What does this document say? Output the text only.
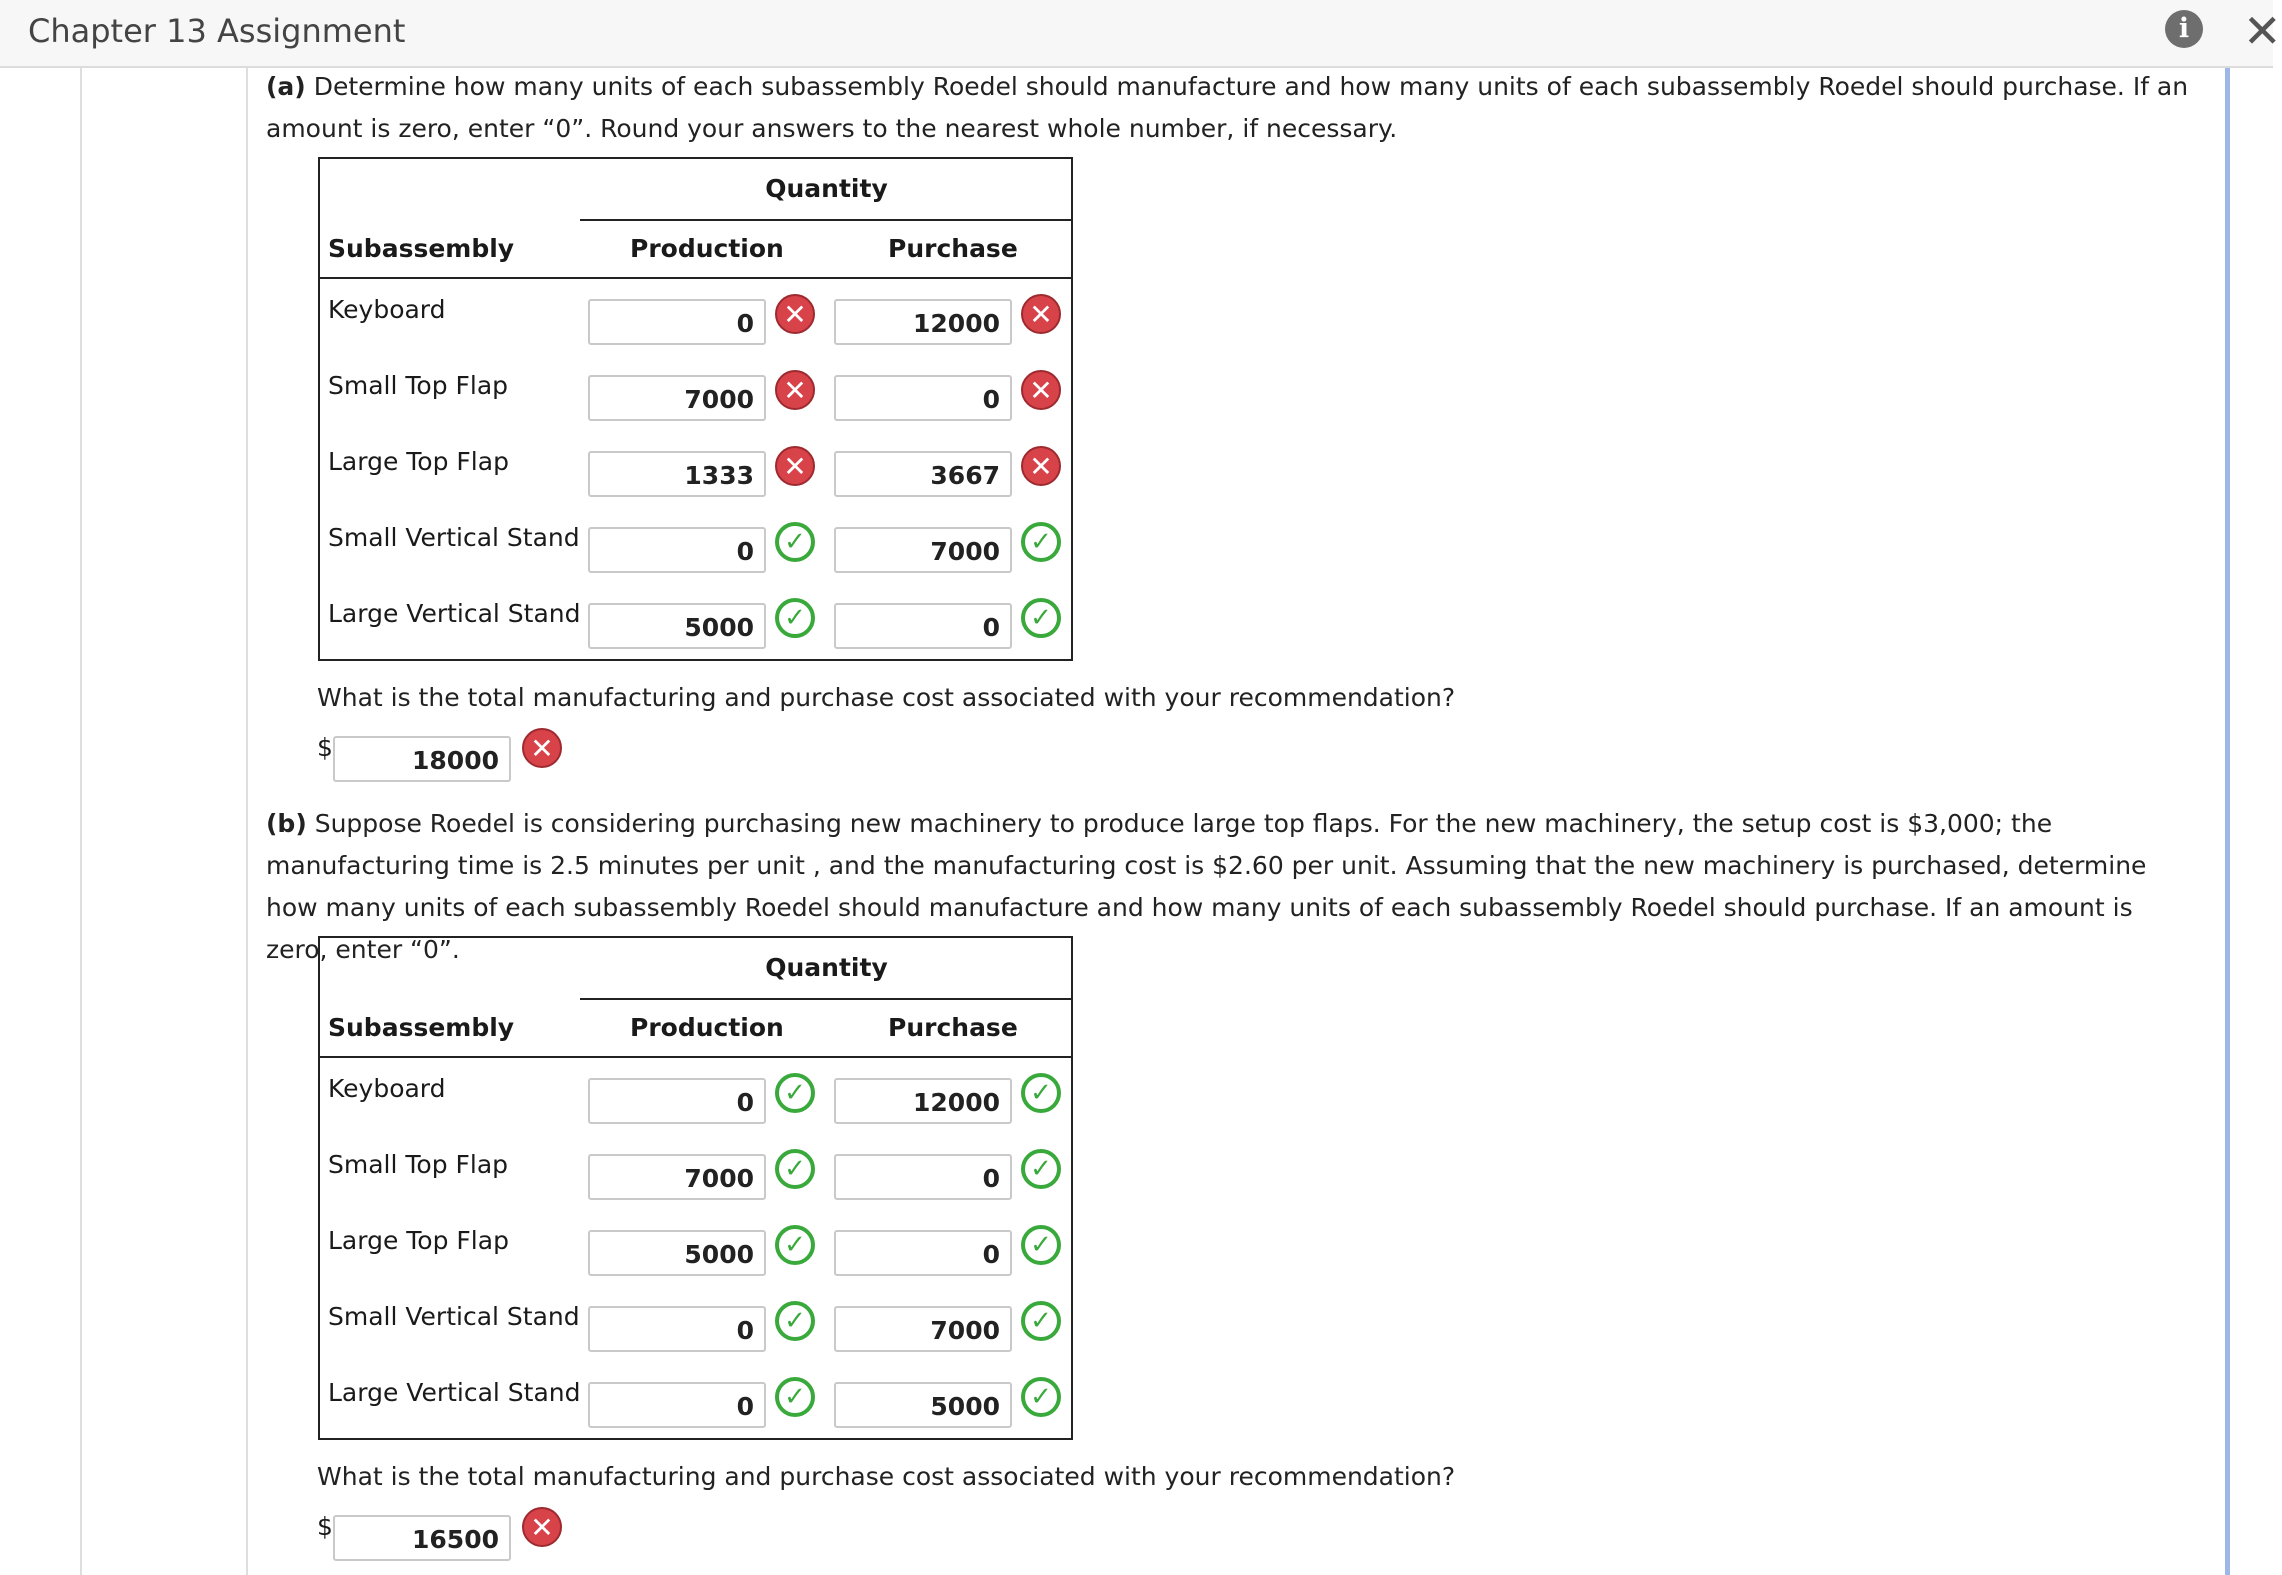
Chapter 13 Assignment	i	✕
(a) Determine how many units of each subassembly Roedel should manufacture and how many units of each subassembly Roedel should purchase. If an amount is zero, enter “0”. Round your answers to the nearest whole number, if necessary.
Quantity
Subassembly	Production	Purchase
Keyboard	0	✕	12000	✕
Small Top Flap	7000	✕	0	✕
Large Top Flap	1333	✕	3667	✕
Small Vertical Stand	0	✓	7000	✓
Large Vertical Stand	5000	✓	0	✓
What is the total manufacturing and purchase cost associated with your recommendation?
$	18000	✕
(b) Suppose Roedel is considering purchasing new machinery to produce large top flaps. For the new machinery, the setup cost is $3,000; the manufacturing time is 2.5 minutes per unit , and the manufacturing cost is $2.60 per unit. Assuming that the new machinery is purchased, determine how many units of each subassembly Roedel should manufacture and how many units of each subassembly Roedel should purchase. If an amount is zero, enter “0”.
Quantity
Subassembly	Production	Purchase
Keyboard	0	✓	12000	✓
Small Top Flap	7000	✓	0	✓
Large Top Flap	5000	✓	0	✓
Small Vertical Stand	0	✓	7000	✓
Large Vertical Stand	0	✓	5000	✓
What is the total manufacturing and purchase cost associated with your recommendation?
$	16500	✕
